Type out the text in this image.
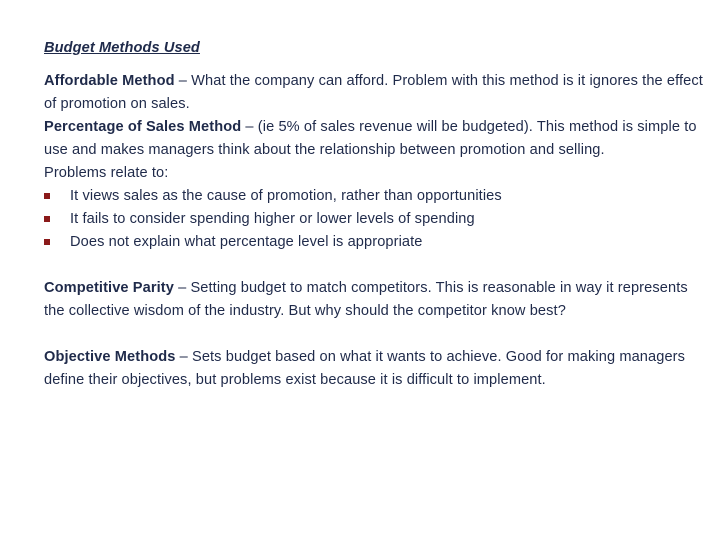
Budget Methods Used

Affordable Method – What the company can afford. Problem with this method is it ignores the effect of promotion on sales.

Percentage of Sales Method – (ie 5% of sales revenue will be budgeted). This method is simple to use and makes managers think about the relationship between promotion and selling.

Problems relate to:

It views sales as the cause of promotion, rather than opportunities
It fails to consider spending higher or lower levels of spending
Does not explain what percentage level is appropriate

Competitive Parity – Setting budget to match competitors. This is reasonable in way it represents the collective wisdom of the industry. But why should the competitor know best?

Objective Methods – Sets budget based on what it wants to achieve. Good for making managers define their objectives, but problems exist because it is difficult to implement.
